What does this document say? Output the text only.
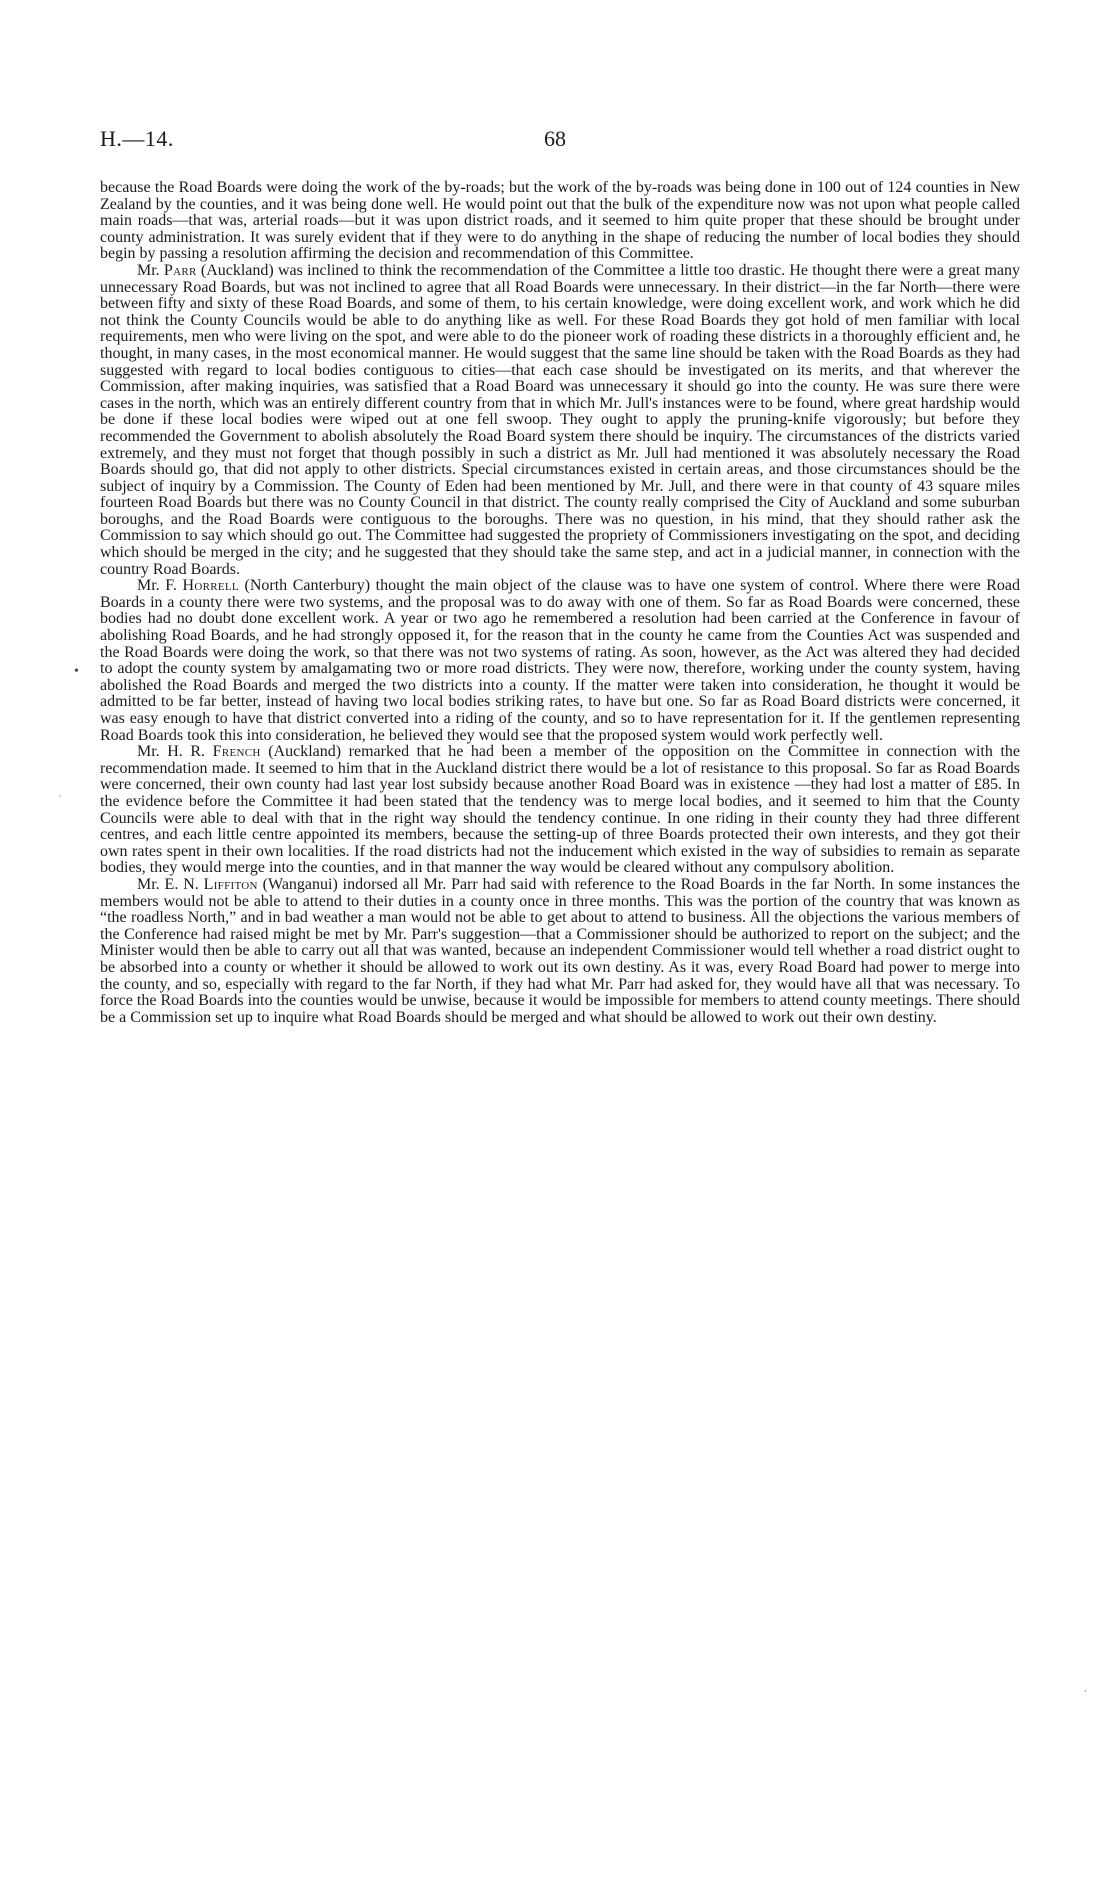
H.—14.	68

because the Road Boards were doing the work of the by-roads; but the work of the by-roads was being done in 100 out of 124 counties in New Zealand by the counties, and it was being done well. He would point out that the bulk of the expenditure now was not upon what people called main roads—that was, arterial roads—but it was upon district roads, and it seemed to him quite proper that these should be brought under county administration. It was surely evident that if they were to do anything in the shape of reducing the number of local bodies they should begin by passing a resolution affirming the decision and recommendation of this Committee.

Mr. Parr (Auckland) was inclined to think the recommendation of the Committee a little too drastic. He thought there were a great many unnecessary Road Boards, but was not inclined to agree that all Road Boards were unnecessary. In their district—in the far North—there were between fifty and sixty of these Road Boards, and some of them, to his certain knowledge, were doing excellent work, and work which he did not think the County Councils would be able to do anything like as well. For these Road Boards they got hold of men familiar with local requirements, men who were living on the spot, and were able to do the pioneer work of roading these districts in a thoroughly efficient and, he thought, in many cases, in the most economical manner. He would suggest that the same line should be taken with the Road Boards as they had suggested with regard to local bodies contiguous to cities—that each case should be investigated on its merits, and that wherever the Commission, after making inquiries, was satisfied that a Road Board was unnecessary it should go into the county. He was sure there were cases in the north, which was an entirely different country from that in which Mr. Jull's instances were to be found, where great hardship would be done if these local bodies were wiped out at one fell swoop. They ought to apply the pruning-knife vigorously; but before they recommended the Government to abolish absolutely the Road Board system there should be inquiry. The circumstances of the districts varied extremely, and they must not forget that though possibly in such a district as Mr. Jull had mentioned it was absolutely necessary the Road Boards should go, that did not apply to other districts. Special circumstances existed in certain areas, and those circumstances should be the subject of inquiry by a Commission. The County of Eden had been mentioned by Mr. Jull, and there were in that county of 43 square miles fourteen Road Boards but there was no County Council in that district. The county really comprised the City of Auckland and some suburban boroughs, and the Road Boards were contiguous to the boroughs. There was no question, in his mind, that they should rather ask the Commission to say which should go out. The Committee had suggested the propriety of Commissioners investigating on the spot, and deciding which should be merged in the city; and he suggested that they should take the same step, and act in a judicial manner, in connection with the country Road Boards.

Mr. F. Horrell (North Canterbury) thought the main object of the clause was to have one system of control. Where there were Road Boards in a county there were two systems, and the proposal was to do away with one of them. So far as Road Boards were concerned, these bodies had no doubt done excellent work. A year or two ago he remembered a resolution had been carried at the Conference in favour of abolishing Road Boards, and he had strongly opposed it, for the reason that in the county he came from the Counties Act was suspended and the Road Boards were doing the work, so that there was not two systems of rating. As soon, however, as the Act was altered they had decided to adopt the county system by amalgamating two or more road districts. They were now, therefore, working under the county system, having abolished the Road Boards and merged the two districts into a county. If the matter were taken into consideration, he thought it would be admitted to be far better, instead of having two local bodies striking rates, to have but one. So far as Road Board districts were concerned, it was easy enough to have that district converted into a riding of the county, and so to have representation for it. If the gentlemen representing Road Boards took this into consideration, he believed they would see that the proposed system would work perfectly well.

Mr. H. R. French (Auckland) remarked that he had been a member of the opposition on the Committee in connection with the recommendation made. It seemed to him that in the Auckland district there would be a lot of resistance to this proposal. So far as Road Boards were concerned, their own county had last year lost subsidy because another Road Board was in existence —they had lost a matter of £85. In the evidence before the Committee it had been stated that the tendency was to merge local bodies, and it seemed to him that the County Councils were able to deal with that in the right way should the tendency continue. In one riding in their county they had three different centres, and each little centre appointed its members, because the setting-up of three Boards protected their own interests, and they got their own rates spent in their own localities. If the road districts had not the inducement which existed in the way of subsidies to remain as separate bodies, they would merge into the counties, and in that manner the way would be cleared without any compulsory abolition.

Mr. E. N. Liffiton (Wanganui) indorsed all Mr. Parr had said with reference to the Road Boards in the far North. In some instances the members would not be able to attend to their duties in a county once in three months. This was the portion of the country that was known as “the roadless North,” and in bad weather a man would not be able to get about to attend to business. All the objections the various members of the Conference had raised might be met by Mr. Parr's suggestion—that a Commissioner should be authorized to report on the subject; and the Minister would then be able to carry out all that was wanted, because an independent Commissioner would tell whether a road district ought to be absorbed into a county or whether it should be allowed to work out its own destiny. As it was, every Road Board had power to merge into the county, and so, especially with regard to the far North, if they had what Mr. Parr had asked for, they would have all that was necessary. To force the Road Boards into the counties would be unwise, because it would be impossible for members to attend county meetings. There should be a Commission set up to inquire what Road Boards should be merged and what should be allowed to work out their own destiny.

•
·
‵
